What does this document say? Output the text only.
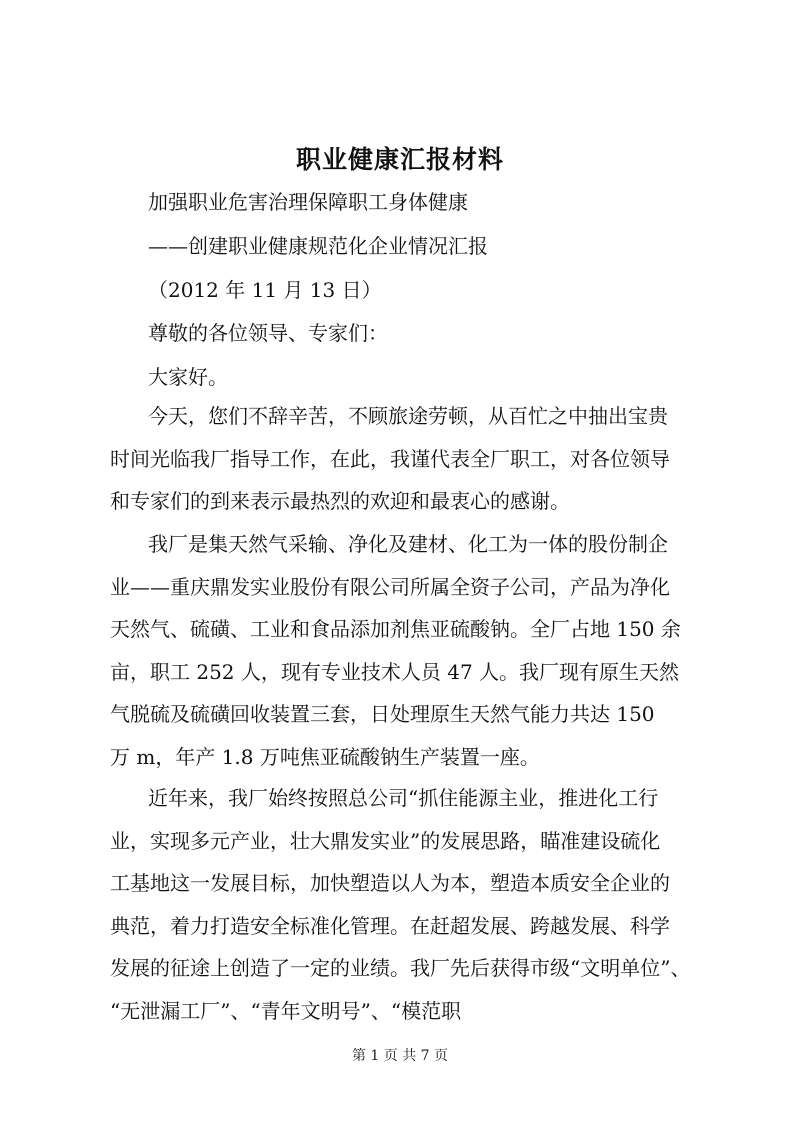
职业健康汇报材料
加强职业危害治理保障职工身体健康
——创建职业健康规范化企业情况汇报
（2012 年 11 月 13 日）
尊敬的各位领导、专家们：
大家好。
今天，您们不辞辛苦，不顾旅途劳顿，从百忙之中抽出宝贵
时间光临我厂指导工作，在此，我谨代表全厂职工，对各位领导
和专家们的到来表示最热烈的欢迎和最衷心的感谢。
我厂是集天然气采输、净化及建材、化工为一体的股份制企
业——重庆鼎发实业股份有限公司所属全资子公司，产品为净化
天然气、硫磺、工业和食品添加剂焦亚硫酸钠。全厂占地 150 余
亩，职工 252 人，现有专业技术人员 47 人。我厂现有原生天然
气脱硫及硫磺回收装置三套，日处理原生天然气能力共达 150
万 m，年产 1.8 万吨焦亚硫酸钠生产装置一座。
近年来，我厂始终按照总公司“抓住能源主业，推进化工行
业，实现多元产业，壮大鼎发实业”的发展思路，瞄准建设硫化
工基地这一发展目标，加快塑造以人为本，塑造本质安全企业的
典范，着力打造安全标准化管理。在赶超发展、跨越发展、科学
发展的征途上创造了一定的业绩。我厂先后获得市级“文明单位”、
“无泄漏工厂”、“青年文明号”、“模范职
第 1 页 共 7 页
